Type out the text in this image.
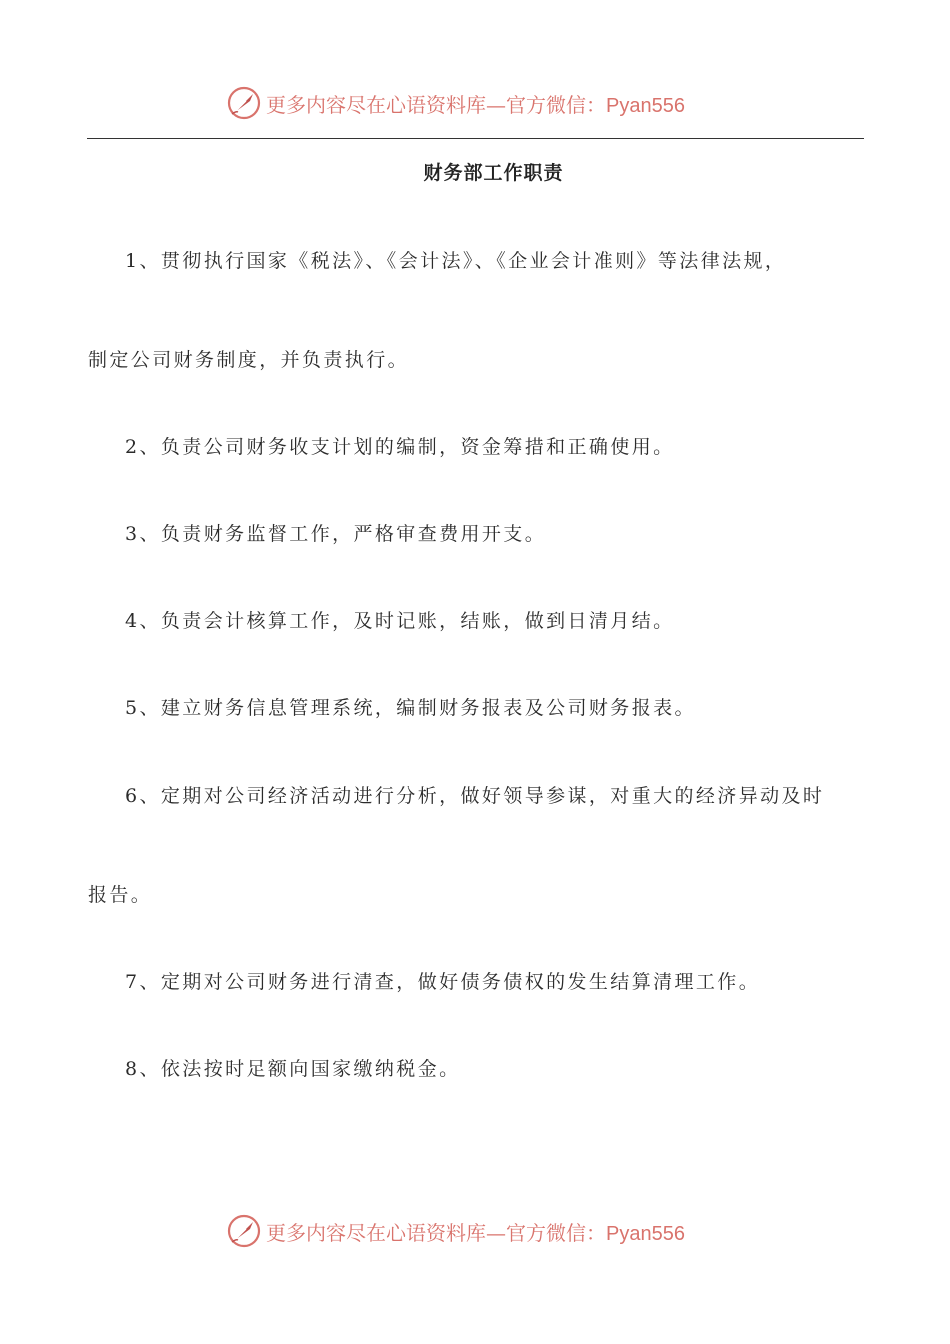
更多内容尽在心语资料库—官方微信：Pyan556
财务部工作职责
1、贯彻执行国家《税法》、《会计法》、《企业会计准则》等法律法规，
制定公司财务制度，并负责执行。
2、负责公司财务收支计划的编制，资金筹措和正确使用。
3、负责财务监督工作，严格审查费用开支。
4、负责会计核算工作，及时记账，结账，做到日清月结。
5、建立财务信息管理系统，编制财务报表及公司财务报表。
6、定期对公司经济活动进行分析，做好领导参谋，对重大的经济异动及时
报告。
7、定期对公司财务进行清查，做好债务债权的发生结算清理工作。
8、依法按时足额向国家缴纳税金。
更多内容尽在心语资料库—官方微信：Pyan556
